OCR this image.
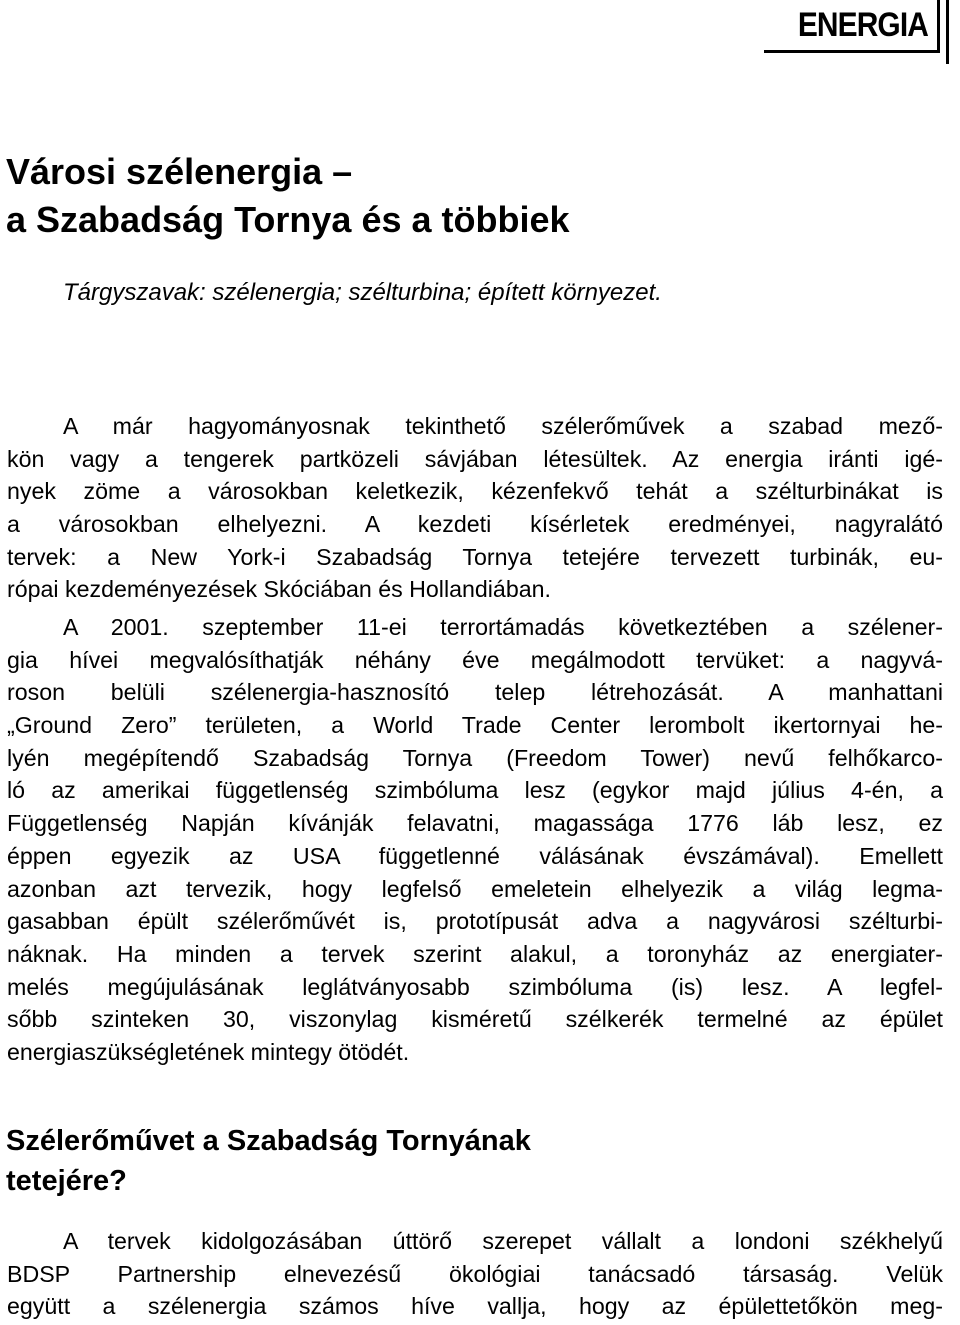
ENERGIA
Városi szélenergia –
a Szabadság Tornya és a többiek

Tárgyszavak: szélenergia; szélturbina; épített környezet.

A már hagyományosnak tekinthető szélerőművek a szabad mező-
kön vagy a tengerek partközeli sávjában létesültek. Az energia iránti igé-
nyek zöme a városokban keletkezik, kézenfekvő tehát a szélturbinákat is
a városokban elhelyezni. A kezdeti kísérletek eredményei, nagyralátó
tervek: a New York-i Szabadság Tornya tetejére tervezett turbinák, eu-
rópai kezdeményezések Skóciában és Hollandiában.
A 2001. szeptember 11-ei terrortámadás következtében a szélener-
gia hívei megvalósíthatják néhány éve megálmodott tervüket: a nagyvá-
roson belüli szélenergia-hasznosító telep létrehozását. A manhattani
„Ground Zero” területen, a World Trade Center lerombolt ikertornyai he-
lyén megépítendő Szabadság Tornya (Freedom Tower) nevű felhőkarco-
ló az amerikai függetlenség szimbóluma lesz (egykor majd július 4-én, a
Függetlenség Napján kívánják felavatni, magassága 1776 láb lesz, ez
éppen egyezik az USA függetlenné válásának évszámával). Emellett
azonban azt tervezik, hogy legfelső emeletein elhelyezik a világ legma-
gasabban épült szélerőművét is, prototípusát adva a nagyvárosi szélturbi-
náknak. Ha minden a tervek szerint alakul, a toronyház az energiater-
melés megújulásának leglátványosabb szimbóluma (is) lesz. A legfel-
sőbb szinteken 30, viszonylag kisméretű szélkerék termelné az épület
energiaszükségletének mintegy ötödét.
Szélerőművet a Szabadság Tornyának
tetejére?
A tervek kidolgozásában úttörő szerepet vállalt a londoni székhelyű
BDSP Partnership elnevezésű ökológiai tanácsadó társaság. Velük
együtt a szélenergia számos híve vallja, hogy az épülettetőkön meg-
